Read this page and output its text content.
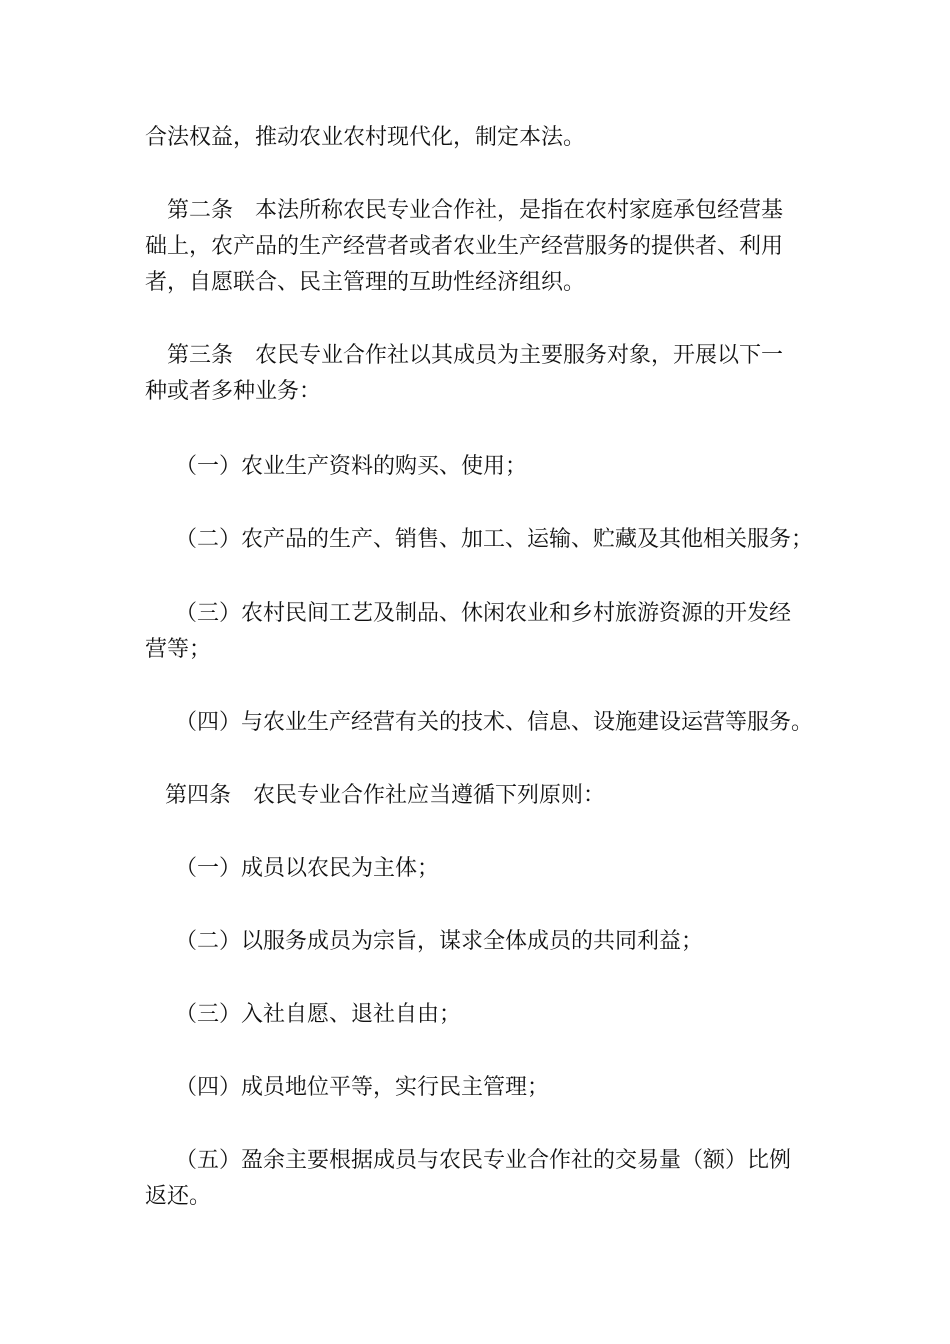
合法权益，推动农业农村现代化，制定本法。

第二条 本法所称农民专业合作社，是指在农村家庭承包经营基
础上，农产品的生产经营者或者农业生产经营服务的提供者、利用
者，自愿联合、民主管理的互助性经济组织。

第三条 农民专业合作社以其成员为主要服务对象，开展以下一
种或者多种业务：

（一）农业生产资料的购买、使用；

（二）农产品的生产、销售、加工、运输、贮藏及其他相关服务；

（三）农村民间工艺及制品、休闲农业和乡村旅游资源的开发经
营等；

（四）与农业生产经营有关的技术、信息、设施建设运营等服务。

第四条 农民专业合作社应当遵循下列原则：

（一）成员以农民为主体；

（二）以服务成员为宗旨，谋求全体成员的共同利益；

（三）入社自愿、退社自由；

（四）成员地位平等，实行民主管理；

（五）盈余主要根据成员与农民专业合作社的交易量（额）比例
返还。
